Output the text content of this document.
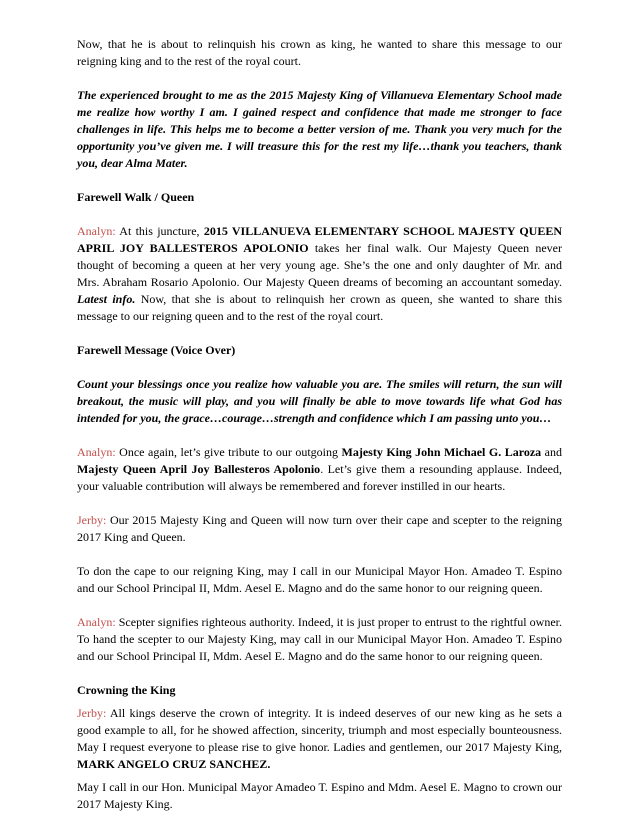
Now, that he is about to relinquish his crown as king, he wanted to share this message to our reigning king and to the rest of the royal court.

The experienced brought to me as the 2015 Majesty King of Villanueva Elementary School made me realize how worthy I am. I gained respect and confidence that made me stronger to face challenges in life. This helps me to become a better version of me. Thank you very much for the opportunity you’ve given me. I will treasure this for the rest my life…thank you teachers, thank you, dear Alma Mater.

Farewell Walk / Queen

Analyn: At this juncture, 2015 VILLANUEVA ELEMENTARY SCHOOL MAJESTY QUEEN APRIL JOY BALLESTEROS APOLONIO takes her final walk. Our Majesty Queen never thought of becoming a queen at her very young age. She’s the one and only daughter of Mr. and Mrs. Abraham Rosario Apolonio. Our Majesty Queen dreams of becoming an accountant someday. Latest info. Now, that she is about to relinquish her crown as queen, she wanted to share this message to our reigning queen and to the rest of the royal court.

Farewell Message (Voice Over)

Count your blessings once you realize how valuable you are. The smiles will return, the sun will breakout, the music will play, and you will finally be able to move towards life what God has intended for you, the grace…courage…strength and confidence which I am passing unto you…

Analyn: Once again, let’s give tribute to our outgoing Majesty King John Michael G. Laroza and Majesty Queen April Joy Ballesteros Apolonio. Let’s give them a resounding applause. Indeed, your valuable contribution will always be remembered and forever instilled in our hearts.

Jerby: Our 2015 Majesty King and Queen will now turn over their cape and scepter to the reigning 2017 King and Queen.

To don the cape to our reigning King, may I call in our Municipal Mayor Hon. Amadeo T. Espino and our School Principal II, Mdm. Aesel E. Magno and do the same honor to our reigning queen.

Analyn: Scepter signifies righteous authority. Indeed, it is just proper to entrust to the rightful owner. To hand the scepter to our Majesty King, may call in our Municipal Mayor Hon. Amadeo T. Espino and our School Principal II, Mdm. Aesel E. Magno and do the same honor to our reigning queen.

Crowning the King

Jerby: All kings deserve the crown of integrity. It is indeed deserves of our new king as he sets a good example to all, for he showed affection, sincerity, triumph and most especially bounteousness. May I request everyone to please rise to give honor. Ladies and gentlemen, our 2017 Majesty King, MARK ANGELO CRUZ SANCHEZ.

May I call in our Hon. Municipal Mayor Amadeo T. Espino and Mdm. Aesel E. Magno to crown our 2017 Majesty King.
